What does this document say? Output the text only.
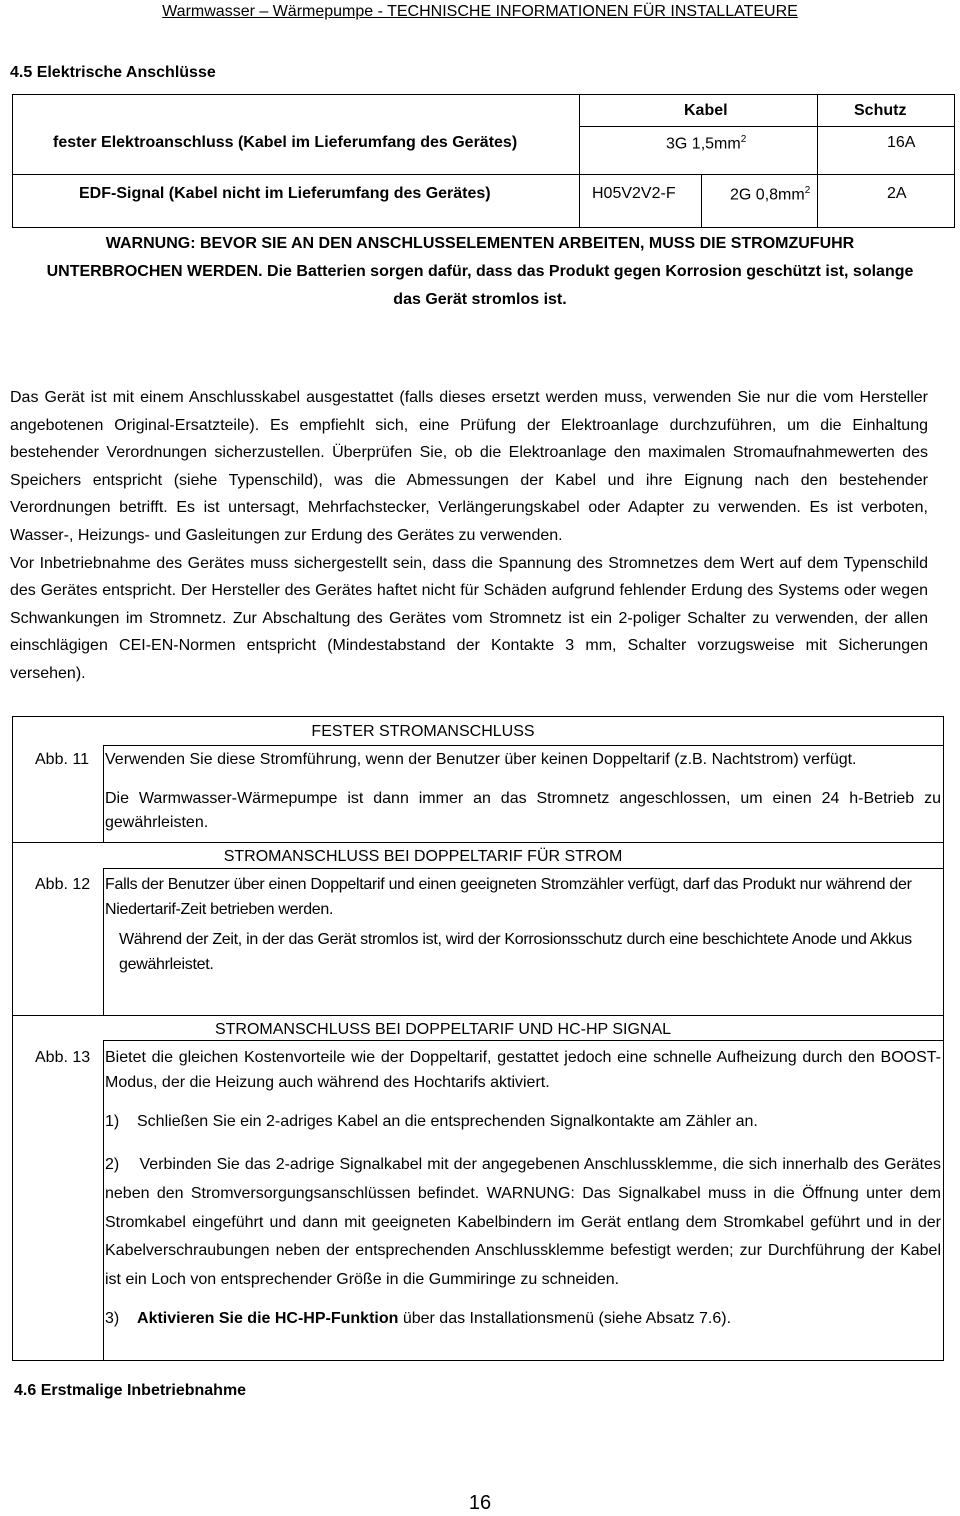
Warmwasser – Wärmepumpe - TECHNISCHE INFORMATIONEN FÜR INSTALLATEURE
4.5 Elektrische Anschlüsse
Kabel	Schutz
fester Elektroanschluss (Kabel im Lieferumfang des Gerätes)	3G $1,5mm^2$	16A
EDF-Signal (Kabel nicht im Lieferumfang des Gerätes)	H05V2V2-F	2G $0,8mm^2$	2A
WARNUNG: BEVOR SIE AN DEN ANSCHLUSSELEMENTEN ARBEITEN, MUSS DIE STROMZUFUHR
UNTERBROCHEN WERDEN. Die Batterien sorgen dafür, dass das Produkt gegen Korrosion geschützt ist, solange
das Gerät stromlos ist.
Das Gerät ist mit einem Anschlusskabel ausgestattet (falls dieses ersetzt werden muss, verwenden Sie nur die vom Hersteller angebotenen Original-Ersatzteile). Es empfiehlt sich, eine Prüfung der Elektroanlage durchzuführen, um die Einhaltung bestehender Verordnungen sicherzustellen. Überprüfen Sie, ob die Elektroanlage den maximalen Stromaufnahmewerten des Speichers entspricht (siehe Typenschild), was die Abmessungen der Kabel und ihre Eignung nach den bestehender Verordnungen betrifft. Es ist untersagt, Mehrfachstecker, Verlängerungskabel oder Adapter zu verwenden. Es ist verboten, Wasser-, Heizungs- und Gasleitungen zur Erdung des Gerätes zu verwenden.
Vor Inbetriebnahme des Gerätes muss sichergestellt sein, dass die Spannung des Stromnetzes dem Wert auf dem Typenschild des Gerätes entspricht. Der Hersteller des Gerätes haftet nicht für Schäden aufgrund fehlender Erdung des Systems oder wegen Schwankungen im Stromnetz. Zur Abschaltung des Gerätes vom Stromnetz ist ein 2-poliger Schalter zu verwenden, der allen einschlägigen CEI-EN-Normen entspricht (Mindestabstand der Kontakte 3 mm, Schalter vorzugsweise mit Sicherungen versehen).
FESTER STROMANSCHLUSS
Abb. 11 Verwenden Sie diese Stromführung, wenn der Benutzer über keinen Doppeltarif (z.B. Nachtstrom) verfügt.
Die Warmwasser-Wärmepumpe ist dann immer an das Stromnetz angeschlossen, um einen 24 h-Betrieb zu gewährleisten.
STROMANSCHLUSS BEI DOPPELTARIF FÜR STROM
Abb. 12 Falls der Benutzer über einen Doppeltarif und einen geeigneten Stromzähler verfügt, darf das Produkt nur während der Niedertarif-Zeit betrieben werden.
Während der Zeit, in der das Gerät stromlos ist, wird der Korrosionsschutz durch eine beschichtete Anode und Akkus gewährleistet.
STROMANSCHLUSS BEI DOPPELTARIF UND HC-HP SIGNAL
Abb. 13 Bietet die gleichen Kostenvorteile wie der Doppeltarif, gestattet jedoch eine schnelle Aufheizung durch den BOOST-Modus, der die Heizung auch während des Hochtarifs aktiviert.
1)    Schließen Sie ein 2-adriges Kabel an die entsprechenden Signalkontakte am Zähler an.
2)    Verbinden Sie das 2-adrige Signalkabel mit der angegebenen Anschlussklemme, die sich innerhalb des Gerätes neben den Stromversorgungsanschlüssen befindet. WARNUNG: Das Signalkabel muss in die Öffnung unter dem Stromkabel eingeführt und dann mit geeigneten Kabelbindern im Gerät entlang dem Stromkabel geführt und in der Kabelverschraubungen neben der entsprechenden Anschlussklemme befestigt werden; zur Durchführung der Kabel ist ein Loch von entsprechender Größe in die Gummiringe zu schneiden.
3)    Aktivieren Sie die HC-HP-Funktion über das Installationsmenü (siehe Absatz 7.6).
4.6 Erstmalige Inbetriebnahme
16
